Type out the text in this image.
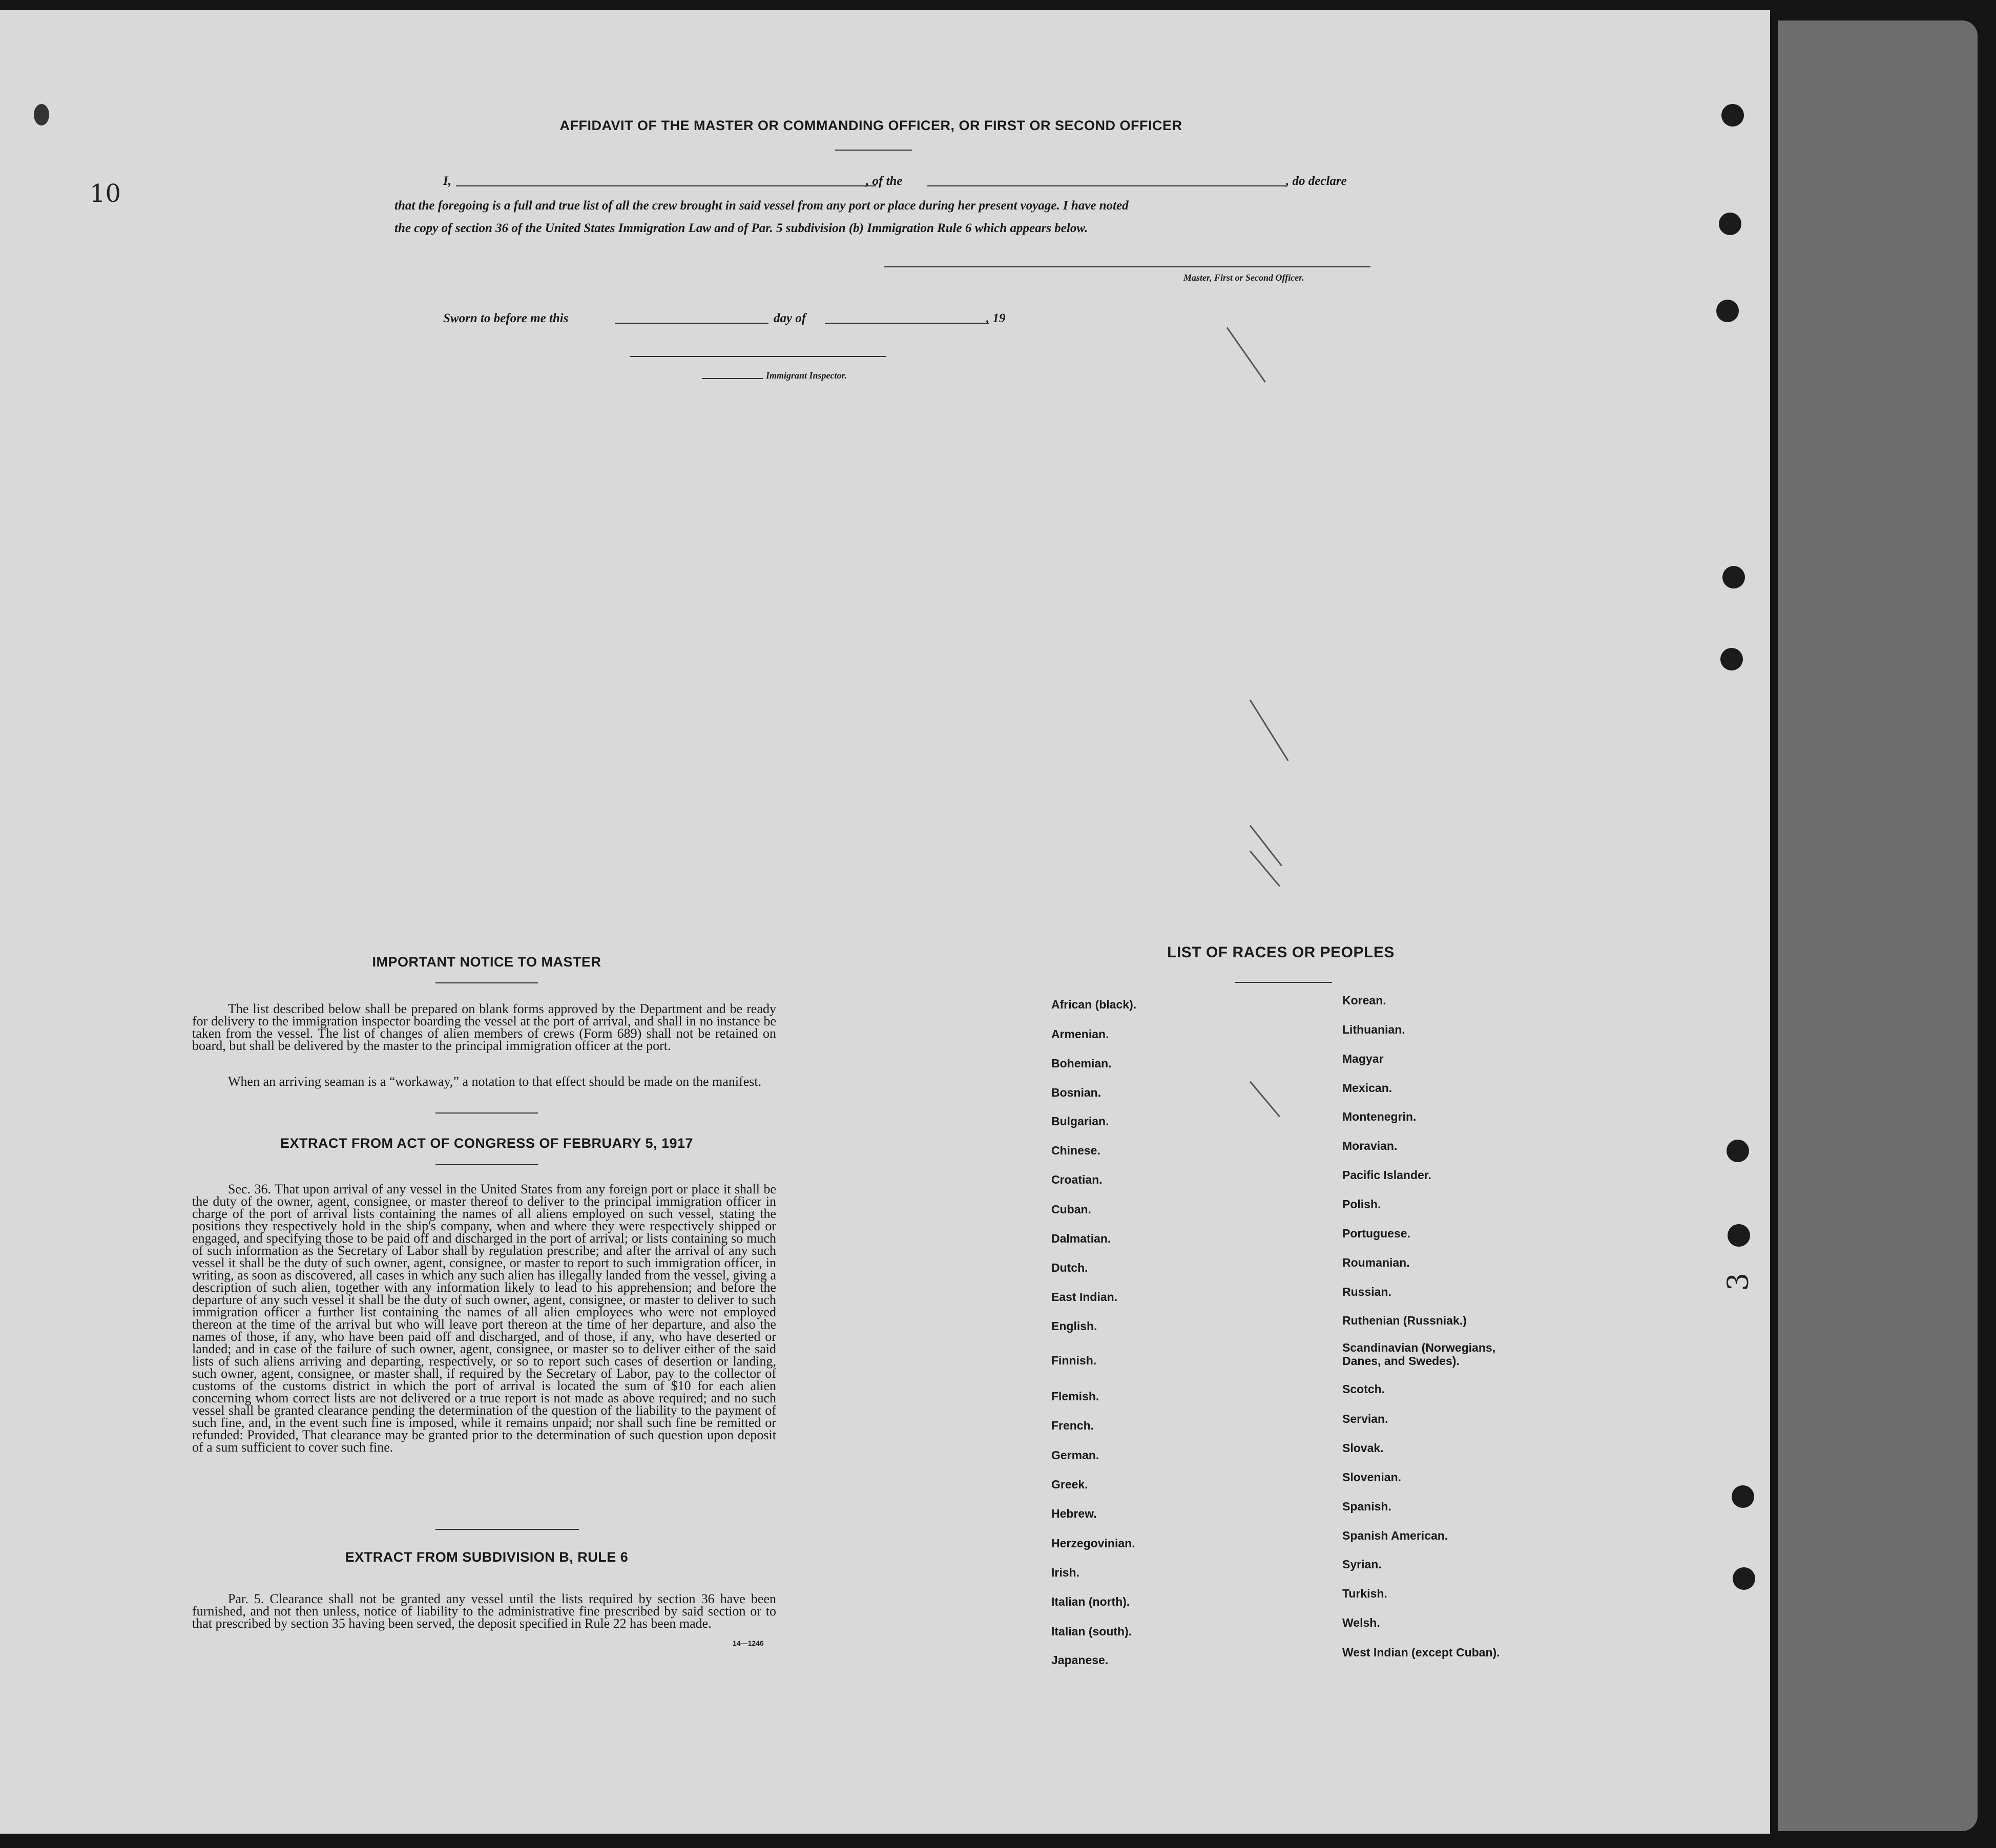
10
3
AFFIDAVIT OF THE MASTER OR COMMANDING OFFICER, OR FIRST OR SECOND OFFICER
I,	, of the	, do declare
that the foregoing is a full and true list of all the crew brought in said vessel from any port or place during her present voyage. I have noted
the copy of section 36 of the United States Immigration Law and of Par. 5 subdivision (b) Immigration Rule 6 which appears below.
Master, First or Second Officer.
Sworn to before me this	day of	, 19
Immigrant Inspector.
IMPORTANT NOTICE TO MASTER
The list described below shall be prepared on blank forms approved by the Department and be ready for delivery to the immigration inspector boarding the vessel at the port of arrival, and shall in no instance be taken from the vessel. The list of changes of alien members of crews (Form 689) shall not be retained on board, but shall be delivered by the master to the principal immigration officer at the port.
When an arriving seaman is a “workaway,” a notation to that effect should be made on the manifest.
EXTRACT FROM ACT OF CONGRESS OF FEBRUARY 5, 1917
Sec. 36. That upon arrival of any vessel in the United States from any foreign port or place it shall be the duty of the owner, agent, consignee, or master thereof to deliver to the principal immigration officer in charge of the port of arrival lists containing the names of all aliens employed on such vessel, stating the positions they respectively hold in the ship's company, when and where they were respectively shipped or engaged, and specifying those to be paid off and discharged in the port of arrival; or lists containing so much of such information as the Secretary of Labor shall by regulation prescribe; and after the arrival of any such vessel it shall be the duty of such owner, agent, consignee, or master to report to such immigration officer, in writing, as soon as discovered, all cases in which any such alien has illegally landed from the vessel, giving a description of such alien, together with any information likely to lead to his apprehension; and before the departure of any such vessel it shall be the duty of such owner, agent, consignee, or master to deliver to such immigration officer a further list containing the names of all alien employees who were not employed thereon at the time of the arrival but who will leave port thereon at the time of her departure, and also the names of those, if any, who have been paid off and discharged, and of those, if any, who have deserted or landed; and in case of the failure of such owner, agent, consignee, or master so to deliver either of the said lists of such aliens arriving and departing, respectively, or so to report such cases of desertion or landing, such owner, agent, consignee, or master shall, if required by the Secretary of Labor, pay to the collector of customs of the customs district in which the port of arrival is located the sum of $10 for each alien concerning whom correct lists are not delivered or a true report is not made as above required; and no such vessel shall be granted clearance pending the determination of the question of the liability to the payment of such fine, and, in the event such fine is imposed, while it remains unpaid; nor shall such fine be remitted or refunded: Provided, That clearance may be granted prior to the determination of such question upon deposit of a sum sufficient to cover such fine.
EXTRACT FROM SUBDIVISION B, RULE 6
Par. 5. Clearance shall not be granted any vessel until the lists required by section 36 have been furnished, and not then unless, notice of liability to the administrative fine prescribed by said section or to that prescribed by section 35 having been served, the deposit specified in Rule 22 has been made.
14—1246
LIST OF RACES OR PEOPLES
African (black).
Armenian.
Bohemian.
Bosnian.
Bulgarian.
Chinese.
Croatian.
Cuban.
Dalmatian.
Dutch.
East Indian.
English.
Finnish.
Flemish.
French.
German.
Greek.
Hebrew.
Herzegovinian.
Irish.
Italian (north).
Italian (south).
Japanese.
Korean.
Lithuanian.
Magyar
Mexican.
Montenegrin.
Moravian.
Pacific Islander.
Polish.
Portuguese.
Roumanian.
Russian.
Ruthenian (Russniak.)
Scandinavian (Norwegians, Danes, and Swedes).
Scotch.
Servian.
Slovak.
Slovenian.
Spanish.
Spanish American.
Syrian.
Turkish.
Welsh.
West Indian (except Cuban).
